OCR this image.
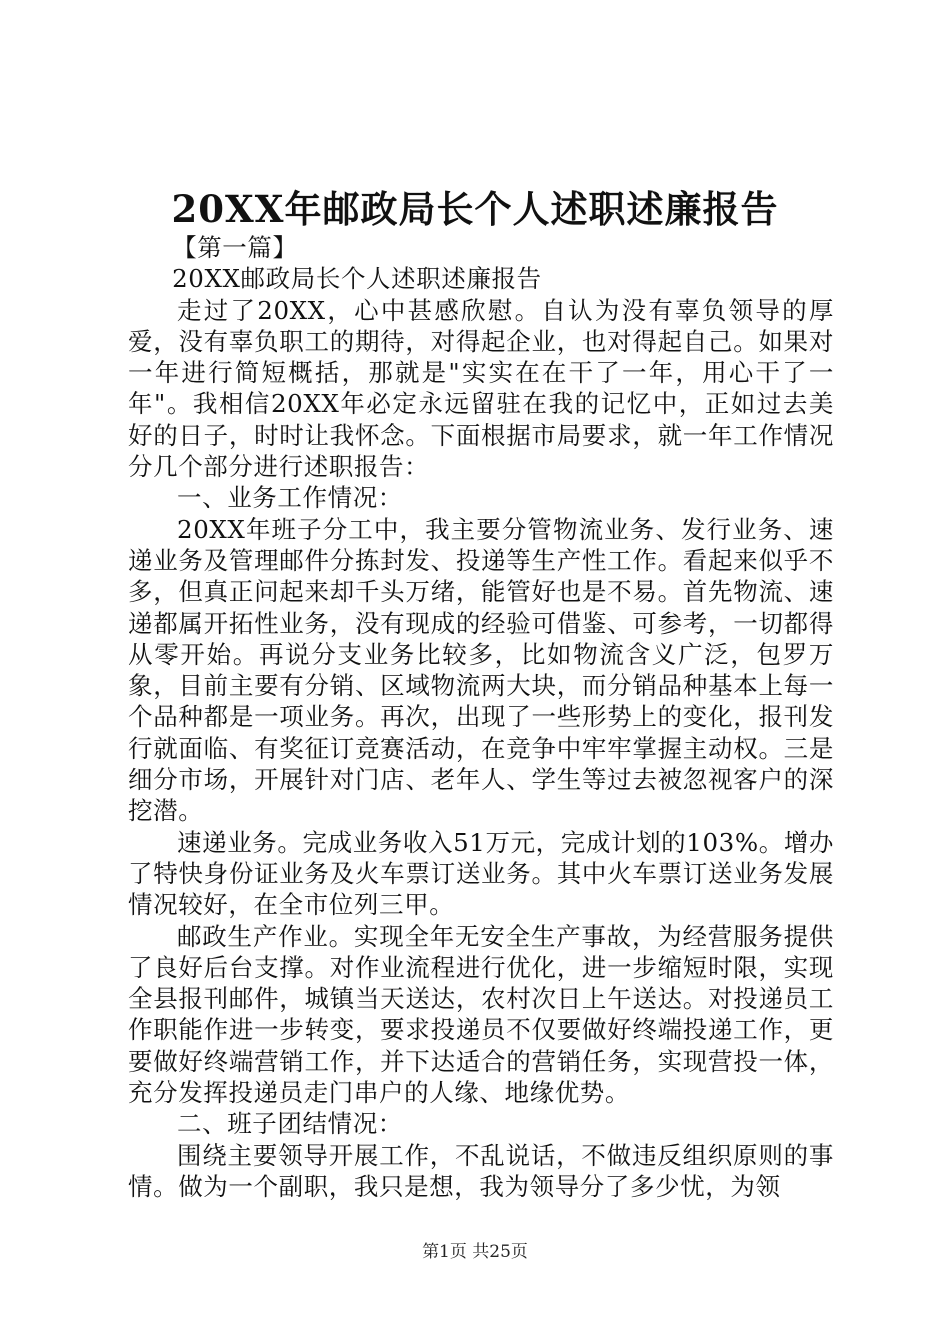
20XX年邮政局长个人述职述廉报告

【第一篇】

20XX邮政局长个人述职述廉报告

走过了20XX，心中甚感欣慰。自认为没有辜负领导的厚爱，没有辜负职工的期待，对得起企业，也对得起自己。如果对一年进行简短概括，那就是"实实在在干了一年，用心干了一年"。我相信20XX年必定永远留驻在我的记忆中，正如过去美好的日子，时时让我怀念。下面根据市局要求，就一年工作情况分几个部分进行述职报告：

一、业务工作情况：

20XX年班子分工中，我主要分管物流业务、发行业务、速递业务及管理邮件分拣封发、投递等生产性工作。看起来似乎不多，但真正问起来却千头万绪，能管好也是不易。首先物流、速递都属开拓性业务，没有现成的经验可借鉴、可参考，一切都得从零开始。再说分支业务比较多，比如物流含义广泛，包罗万象，目前主要有分销、区域物流两大块，而分销品种基本上每一个品种都是一项业务。再次，出现了一些形势上的变化，报刊发行就面临、有奖征订竞赛活动，在竞争中牢牢掌握主动权。三是细分市场，开展针对门店、老年人、学生等过去被忽视客户的深挖潜。

速递业务。完成业务收入51万元，完成计划的103%。增办了特快身份证业务及火车票订送业务。其中火车票订送业务发展情况较好，在全市位列三甲。

邮政生产作业。实现全年无安全生产事故，为经营服务提供了良好后台支撑。对作业流程进行优化，进一步缩短时限，实现全县报刊邮件，城镇当天送达，农村次日上午送达。对投递员工作职能作进一步转变，要求投递员不仅要做好终端投递工作，更要做好终端营销工作，并下达适合的营销任务，实现营投一体，充分发挥投递员走门串户的人缘、地缘优势。

二、班子团结情况：

围绕主要领导开展工作，不乱说话，不做违反组织原则的事情。做为一个副职，我只是想，我为领导分了多少忧，为领

第1页 共25页
